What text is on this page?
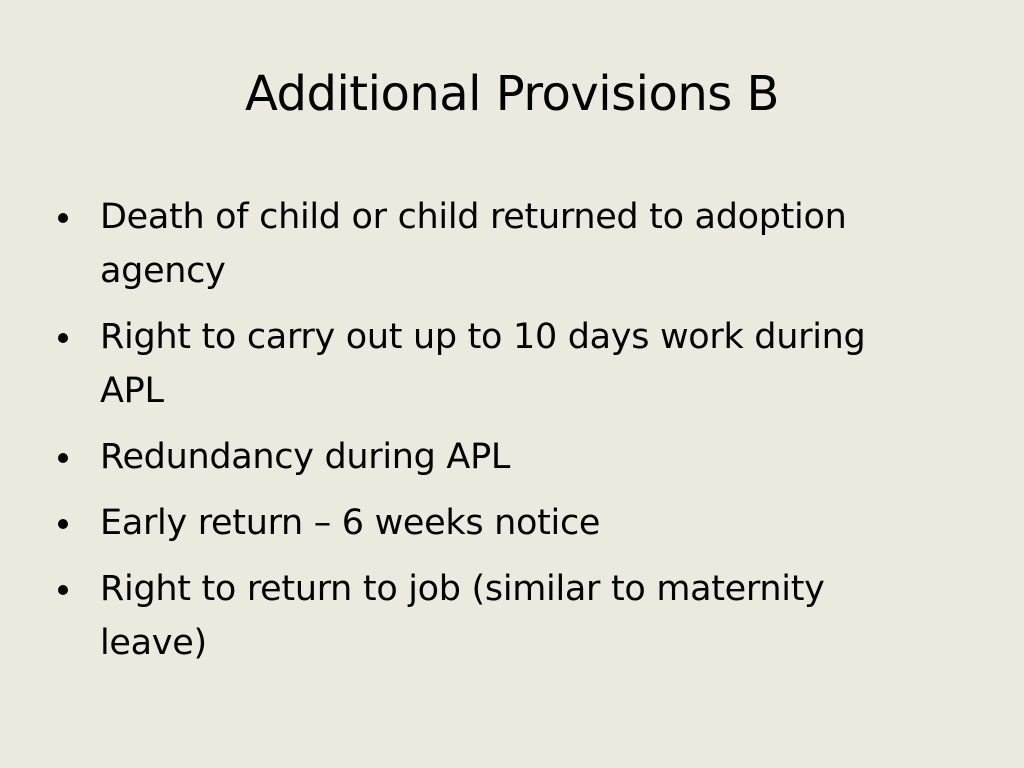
Additional Provisions B
Death of child or child returned to adoption agency
Right to carry out up to 10 days work during APL
Redundancy during APL
Early return – 6 weeks notice
Right to return to job (similar to maternity leave)
